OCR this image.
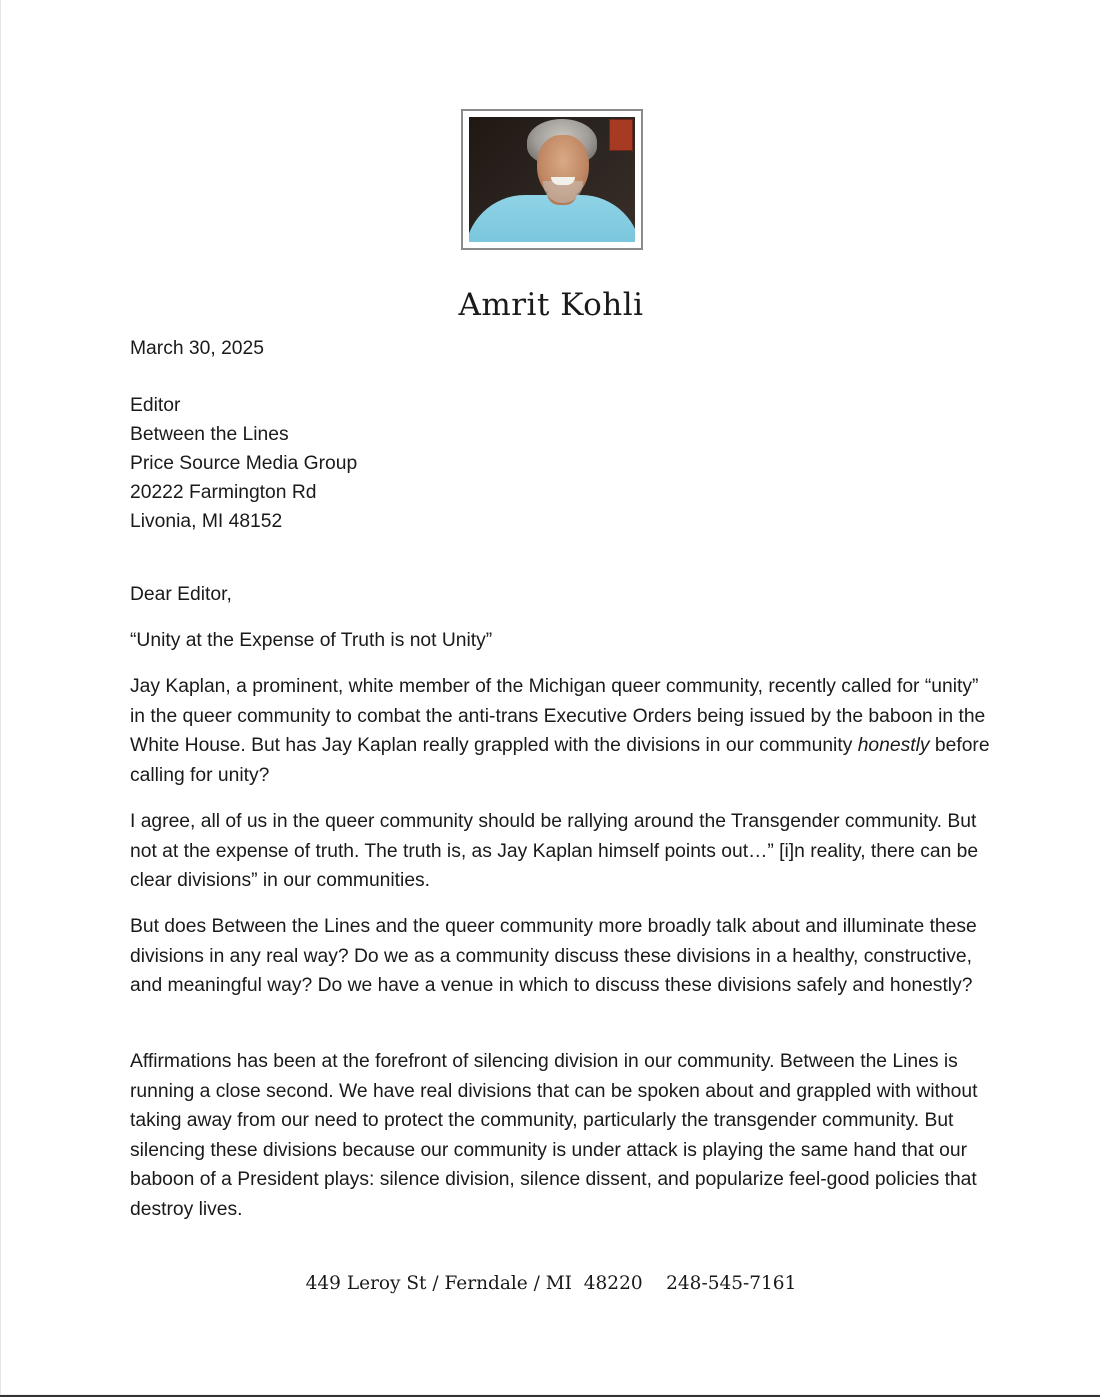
Amrit Kohli
March 30, 2025
Editor
Between the Lines
Price Source Media Group
20222 Farmington Rd
Livonia, MI 48152
Dear Editor,
“Unity at the Expense of Truth is not Unity”

Jay Kaplan, a prominent, white member of the Michigan queer community, recently called for “unity” in the queer community to combat the anti-trans Executive Orders being issued by the baboon in the White House. But has Jay Kaplan really grappled with the divisions in our community honestly before calling for unity?

I agree, all of us in the queer community should be rallying around the Transgender community. But not at the expense of truth. The truth is, as Jay Kaplan himself points out…” [i]n reality, there can be clear divisions” in our communities.

But does Between the Lines and the queer community more broadly talk about and illuminate these divisions in any real way? Do we as a community discuss these divisions in a healthy, constructive, and meaningful way? Do we have a venue in which to discuss these divisions safely and honestly?

Affirmations has been at the forefront of silencing division in our community. Between the Lines is running a close second. We have real divisions that can be spoken about and grappled with without taking away from our need to protect the community, particularly the transgender community. But silencing these divisions because our community is under attack is playing the same hand that our baboon of a President plays: silence division, silence dissent, and popularize feel-good policies that destroy lives.

449 Leroy St / Ferndale / MI  48220    248-545-7161
